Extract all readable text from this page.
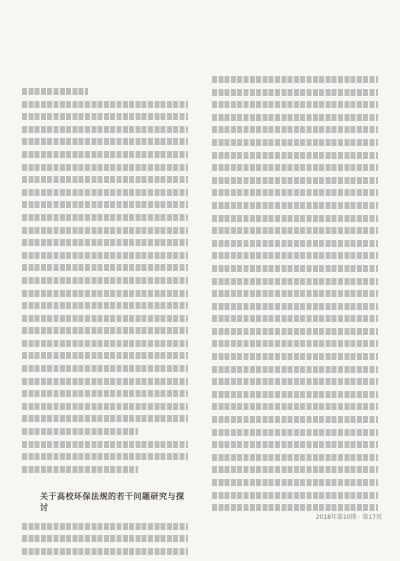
关于高校环保法规的若干问题研究与探讨
2018年第10期 · 第17页
